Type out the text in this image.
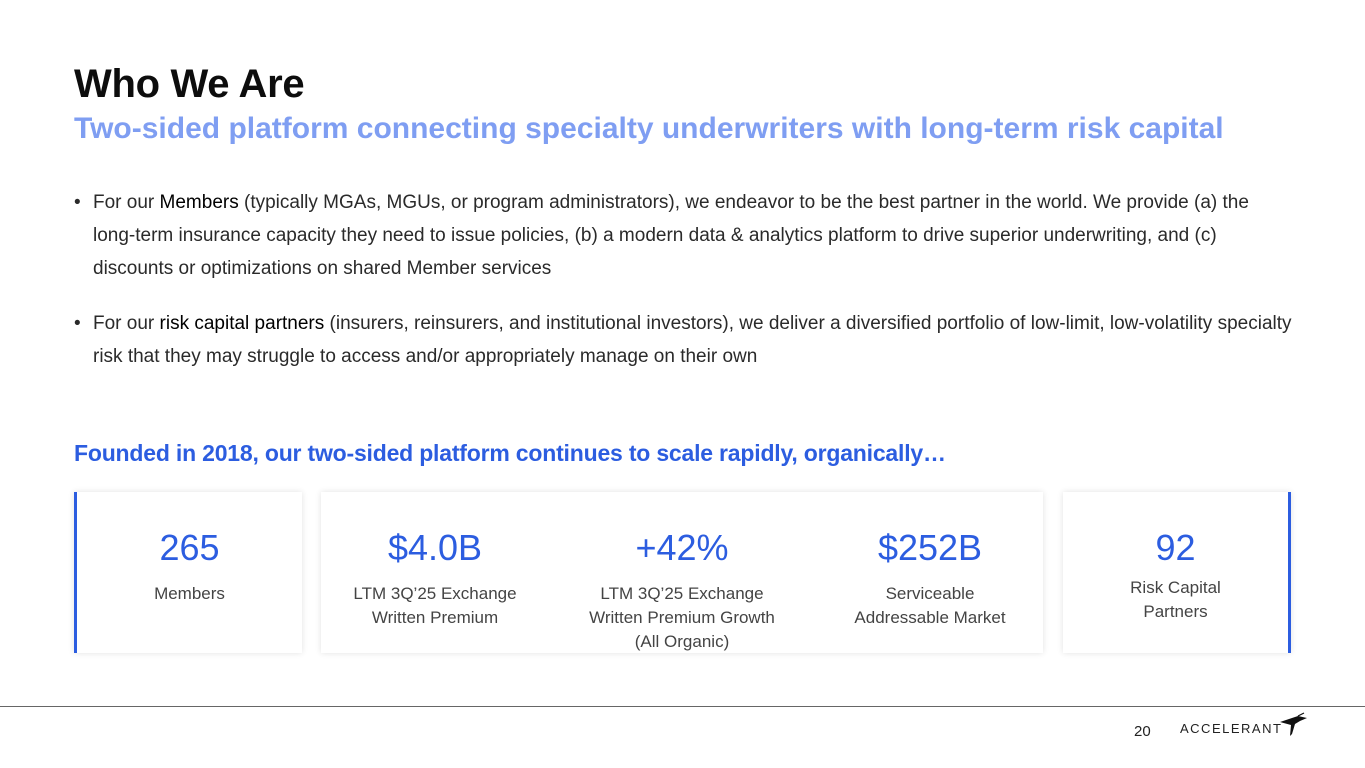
Who We Are
Two-sided platform connecting specialty underwriters with long-term risk capital
• For our Members (typically MGAs, MGUs, or program administrators), we endeavor to be the best partner in the world. We provide (a) the long-term insurance capacity they need to issue policies, (b) a modern data & analytics platform to drive superior underwriting, and (c) discounts or optimizations on shared Member services
• For our risk capital partners (insurers, reinsurers, and institutional investors), we deliver a diversified portfolio of low-limit, low-volatility specialty risk that they may struggle to access and/or appropriately manage on their own

Founded in 2018, our two-sided platform continues to scale rapidly, organically…

265
Members
$4.0B
LTM 3Q’25 Exchange
Written Premium
+42%
LTM 3Q’25 Exchange
Written Premium Growth
(All Organic)
$252B
Serviceable
Addressable Market
92
Risk Capital
Partners
20 ACCELERANT
